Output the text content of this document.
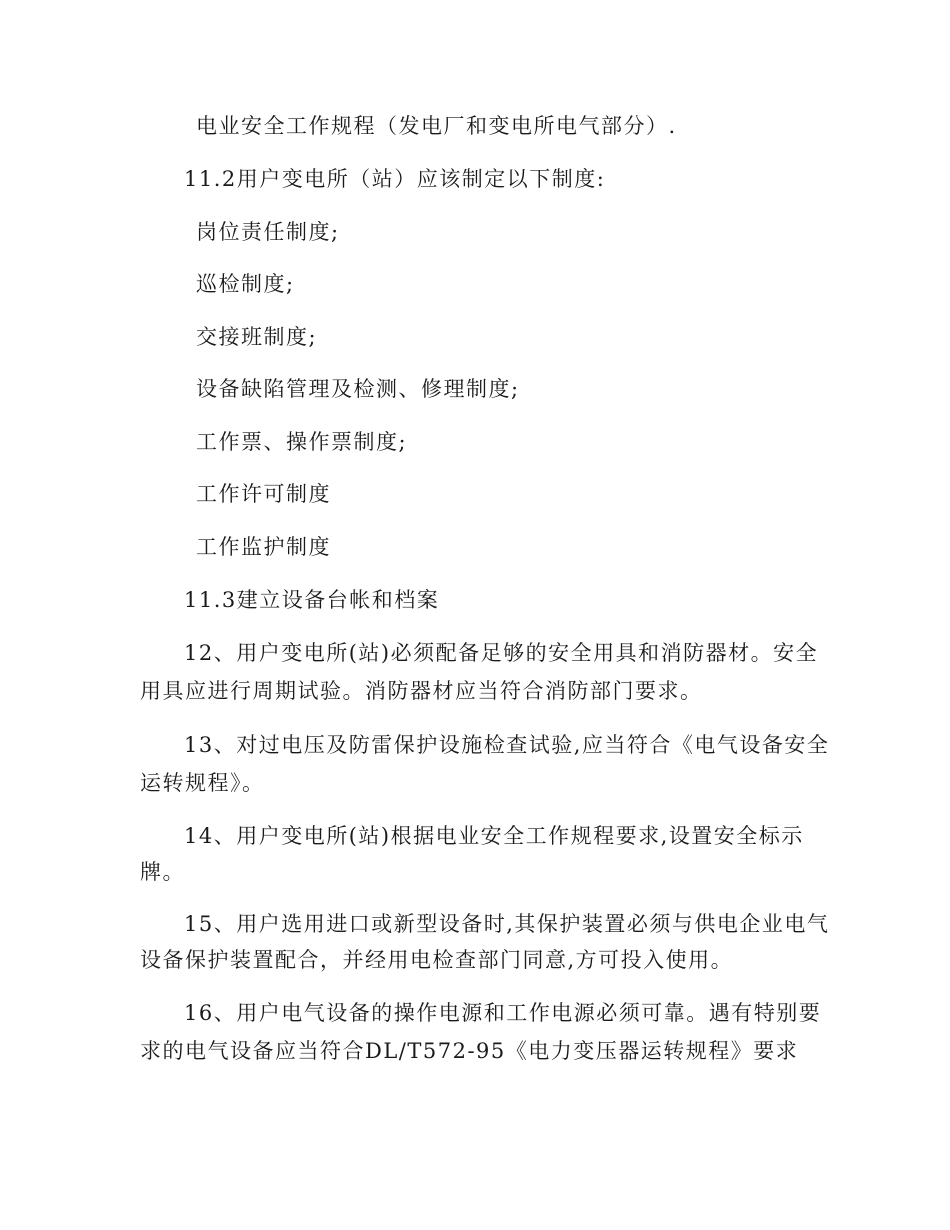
电业安全工作规程（发电厂和变电所电气部分）.
11.2用户变电所（站）应该制定以下制度:
岗位责任制度;
巡检制度;
交接班制度;
设备缺陷管理及检测、修理制度;
工作票、操作票制度;
工作许可制度
工作监护制度
11.3建立设备台帐和档案
12、用户变电所(站)必须配备足够的安全用具和消防器材。安全
用具应进行周期试验。消防器材应当符合消防部门要求。
13、对过电压及防雷保护设施检查试验,应当符合《电气设备安全
运转规程》。
14、用户变电所(站)根据电业安全工作规程要求,设置安全标示
牌。
15、用户选用进口或新型设备时,其保护装置必须与供电企业电气
设备保护装置配合，并经用电检查部门同意,方可投入使用。
16、用户电气设备的操作电源和工作电源必须可靠。遇有特别要
求的电气设备应当符合DL/T572-95《电力变压器运转规程》要求
